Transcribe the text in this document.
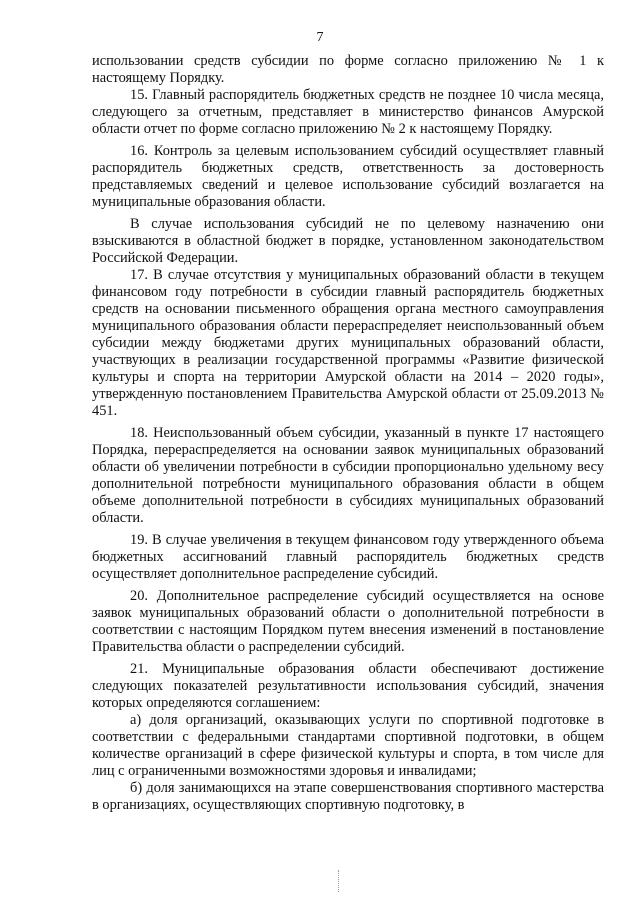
7

использовании средств субсидии по форме согласно приложению № 1 к настоящему Порядку.

15. Главный распорядитель бюджетных средств не позднее 10 числа месяца, следующего за отчетным, представляет в министерство финансов Амурской области отчет по форме согласно приложению № 2 к настоящему Порядку.

16. Контроль за целевым использованием субсидий осуществляет главный распорядитель бюджетных средств, ответственность за достоверность представляемых сведений и целевое использование субсидий возлагается на муниципальные образования области.

В случае использования субсидий не по целевому назначению они взыскиваются в областной бюджет в порядке, установленном законодательством Российской Федерации.

17. В случае отсутствия у муниципальных образований области в текущем финансовом году потребности в субсидии главный распорядитель бюджетных средств на основании письменного обращения органа местного самоуправления муниципального образования области перераспределяет неиспользованный объем субсидии между бюджетами других муниципальных образований области, участвующих в реализации государственной программы «Развитие физической культуры и спорта на территории Амурской области на 2014 – 2020 годы», утвержденную постановлением Правительства Амурской области от 25.09.2013 № 451.

18. Неиспользованный объем субсидии, указанный в пункте 17 настоящего Порядка, перераспределяется на основании заявок муниципальных образований области об увеличении потребности в субсидии пропорционально удельному весу дополнительной потребности муниципального образования области в общем объеме дополнительной потребности в субсидиях муниципальных образований области.

19. В случае увеличения в текущем финансовом году утвержденного объема бюджетных ассигнований главный распорядитель бюджетных средств осуществляет дополнительное распределение субсидий.

20. Дополнительное распределение субсидий осуществляется на основе заявок муниципальных образований области о дополнительной потребности в соответствии с настоящим Порядком путем внесения изменений в постановление Правительства области о распределении субсидий.

21. Муниципальные образования области обеспечивают достижение следующих показателей результативности использования субсидий, значения которых определяются соглашением:

а) доля организаций, оказывающих услуги по спортивной подготовке в соответствии с федеральными стандартами спортивной подготовки, в общем количестве организаций в сфере физической культуры и спорта, в том числе для лиц с ограниченными возможностями здоровья и инвалидами;

б) доля занимающихся на этапе совершенствования спортивного мастерства в организациях, осуществляющих спортивную подготовку, в
